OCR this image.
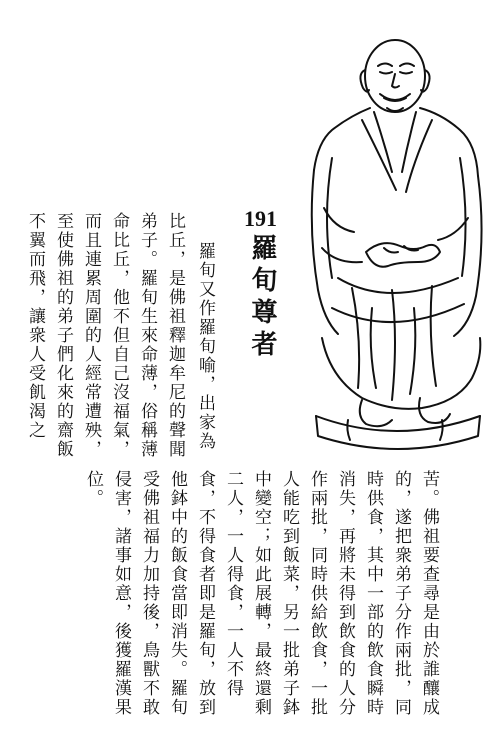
191
羅旬尊者
羅旬又作羅旬喻，出家為
比丘，是佛祖釋迦牟尼的聲聞
弟子。羅旬生來命薄，俗稱薄
命比丘，他不但自己沒福氣，
而且連累周圍的人經常遭殃，
至使佛祖的弟子們化來的齋飯
不翼而飛，讓衆人受飢渴之
苦。佛祖要查尋是由於誰釀成
的，遂把衆弟子分作兩批，同
時供食，其中一部的飲食瞬時
消失，再將未得到飲食的人分
作兩批，同時供給飲食，一批
人能吃到飯菜，另一批弟子鉢
中變空；如此展轉，最終還剩
二人，一人得食，一人不得
食，不得食者即是羅旬，放到
他鉢中的飯食當即消失。羅旬
受佛祖福力加持後，鳥獸不敢
侵害，諸事如意，後獲羅漢果
位。
